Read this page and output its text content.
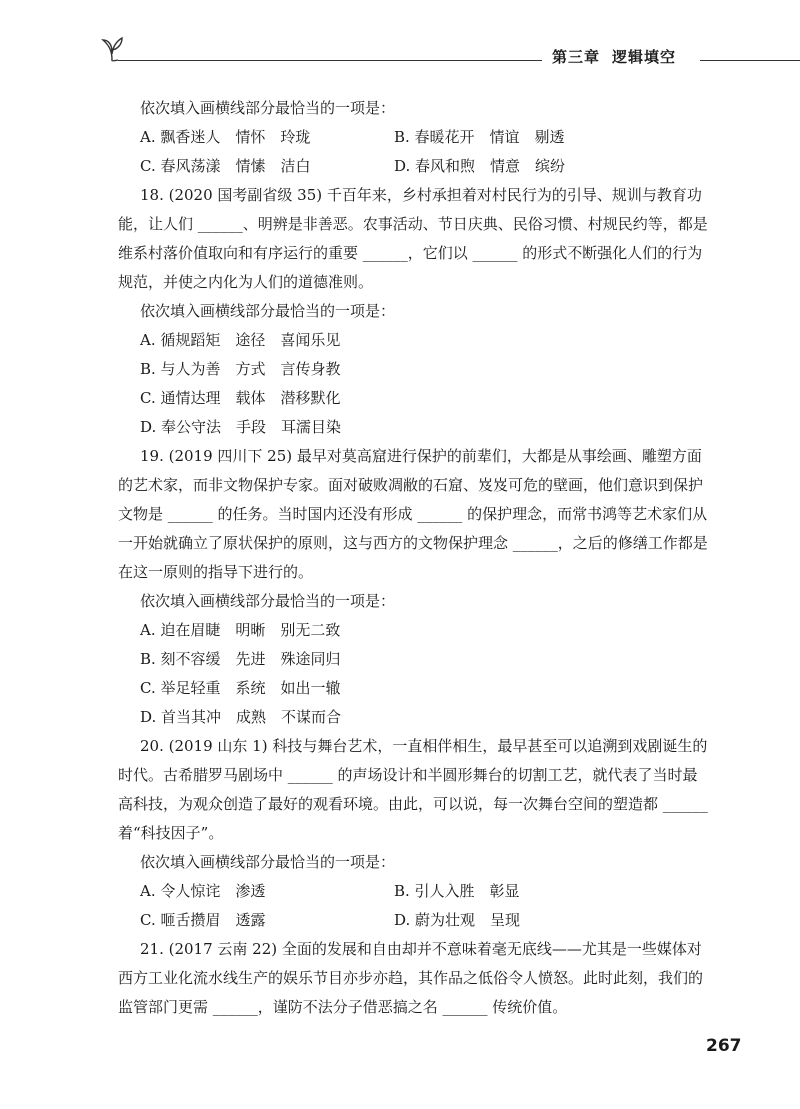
第三章 逻辑填空

依次填入画横线部分最恰当的一项是：

A. 飘香迷人　情怀　玲珑	B. 春暖花开　情谊　剔透
C. 春风荡漾　情愫　洁白	D. 春风和煦　情意　缤纷

18. (2020 国考副省级 35) 千百年来，乡村承担着对村民行为的引导、规训与教育功能，让人们 ______、明辨是非善恶。农事活动、节日庆典、民俗习惯、村规民约等，都是维系村落价值取向和有序运行的重要 ______，它们以 ______ 的形式不断强化人们的行为规范，并使之内化为人们的道德准则。

依次填入画横线部分最恰当的一项是：

A. 循规蹈矩　途径　喜闻乐见
B. 与人为善　方式　言传身教
C. 通情达理　载体　潜移默化
D. 奉公守法　手段　耳濡目染

19. (2019 四川下 25) 最早对莫高窟进行保护的前辈们，大都是从事绘画、雕塑方面的艺术家，而非文物保护专家。面对破败凋敝的石窟、岌岌可危的壁画，他们意识到保护文物是 ______ 的任务。当时国内还没有形成 ______ 的保护理念，而常书鸿等艺术家们从一开始就确立了原状保护的原则，这与西方的文物保护理念 ______，之后的修缮工作都是在这一原则的指导下进行的。

依次填入画横线部分最恰当的一项是：

A. 迫在眉睫　明晰　别无二致
B. 刻不容缓　先进　殊途同归
C. 举足轻重　系统　如出一辙
D. 首当其冲　成熟　不谋而合

20. (2019 山东 1) 科技与舞台艺术，一直相伴相生，最早甚至可以追溯到戏剧诞生的时代。古希腊罗马剧场中 ______ 的声场设计和半圆形舞台的切割工艺，就代表了当时最高科技，为观众创造了最好的观看环境。由此，可以说，每一次舞台空间的塑造都 ______ 着“科技因子”。

依次填入画横线部分最恰当的一项是：

A. 令人惊诧　渗透	B. 引人入胜　彰显
C. 咂舌攒眉　透露	D. 蔚为壮观　呈现

21. (2017 云南 22) 全面的发展和自由却并不意味着毫无底线——尤其是一些媒体对西方工业化流水线生产的娱乐节目亦步亦趋，其作品之低俗令人愤怒。此时此刻，我们的监管部门更需 ______，谨防不法分子借恶搞之名 ______ 传统价值。

267
